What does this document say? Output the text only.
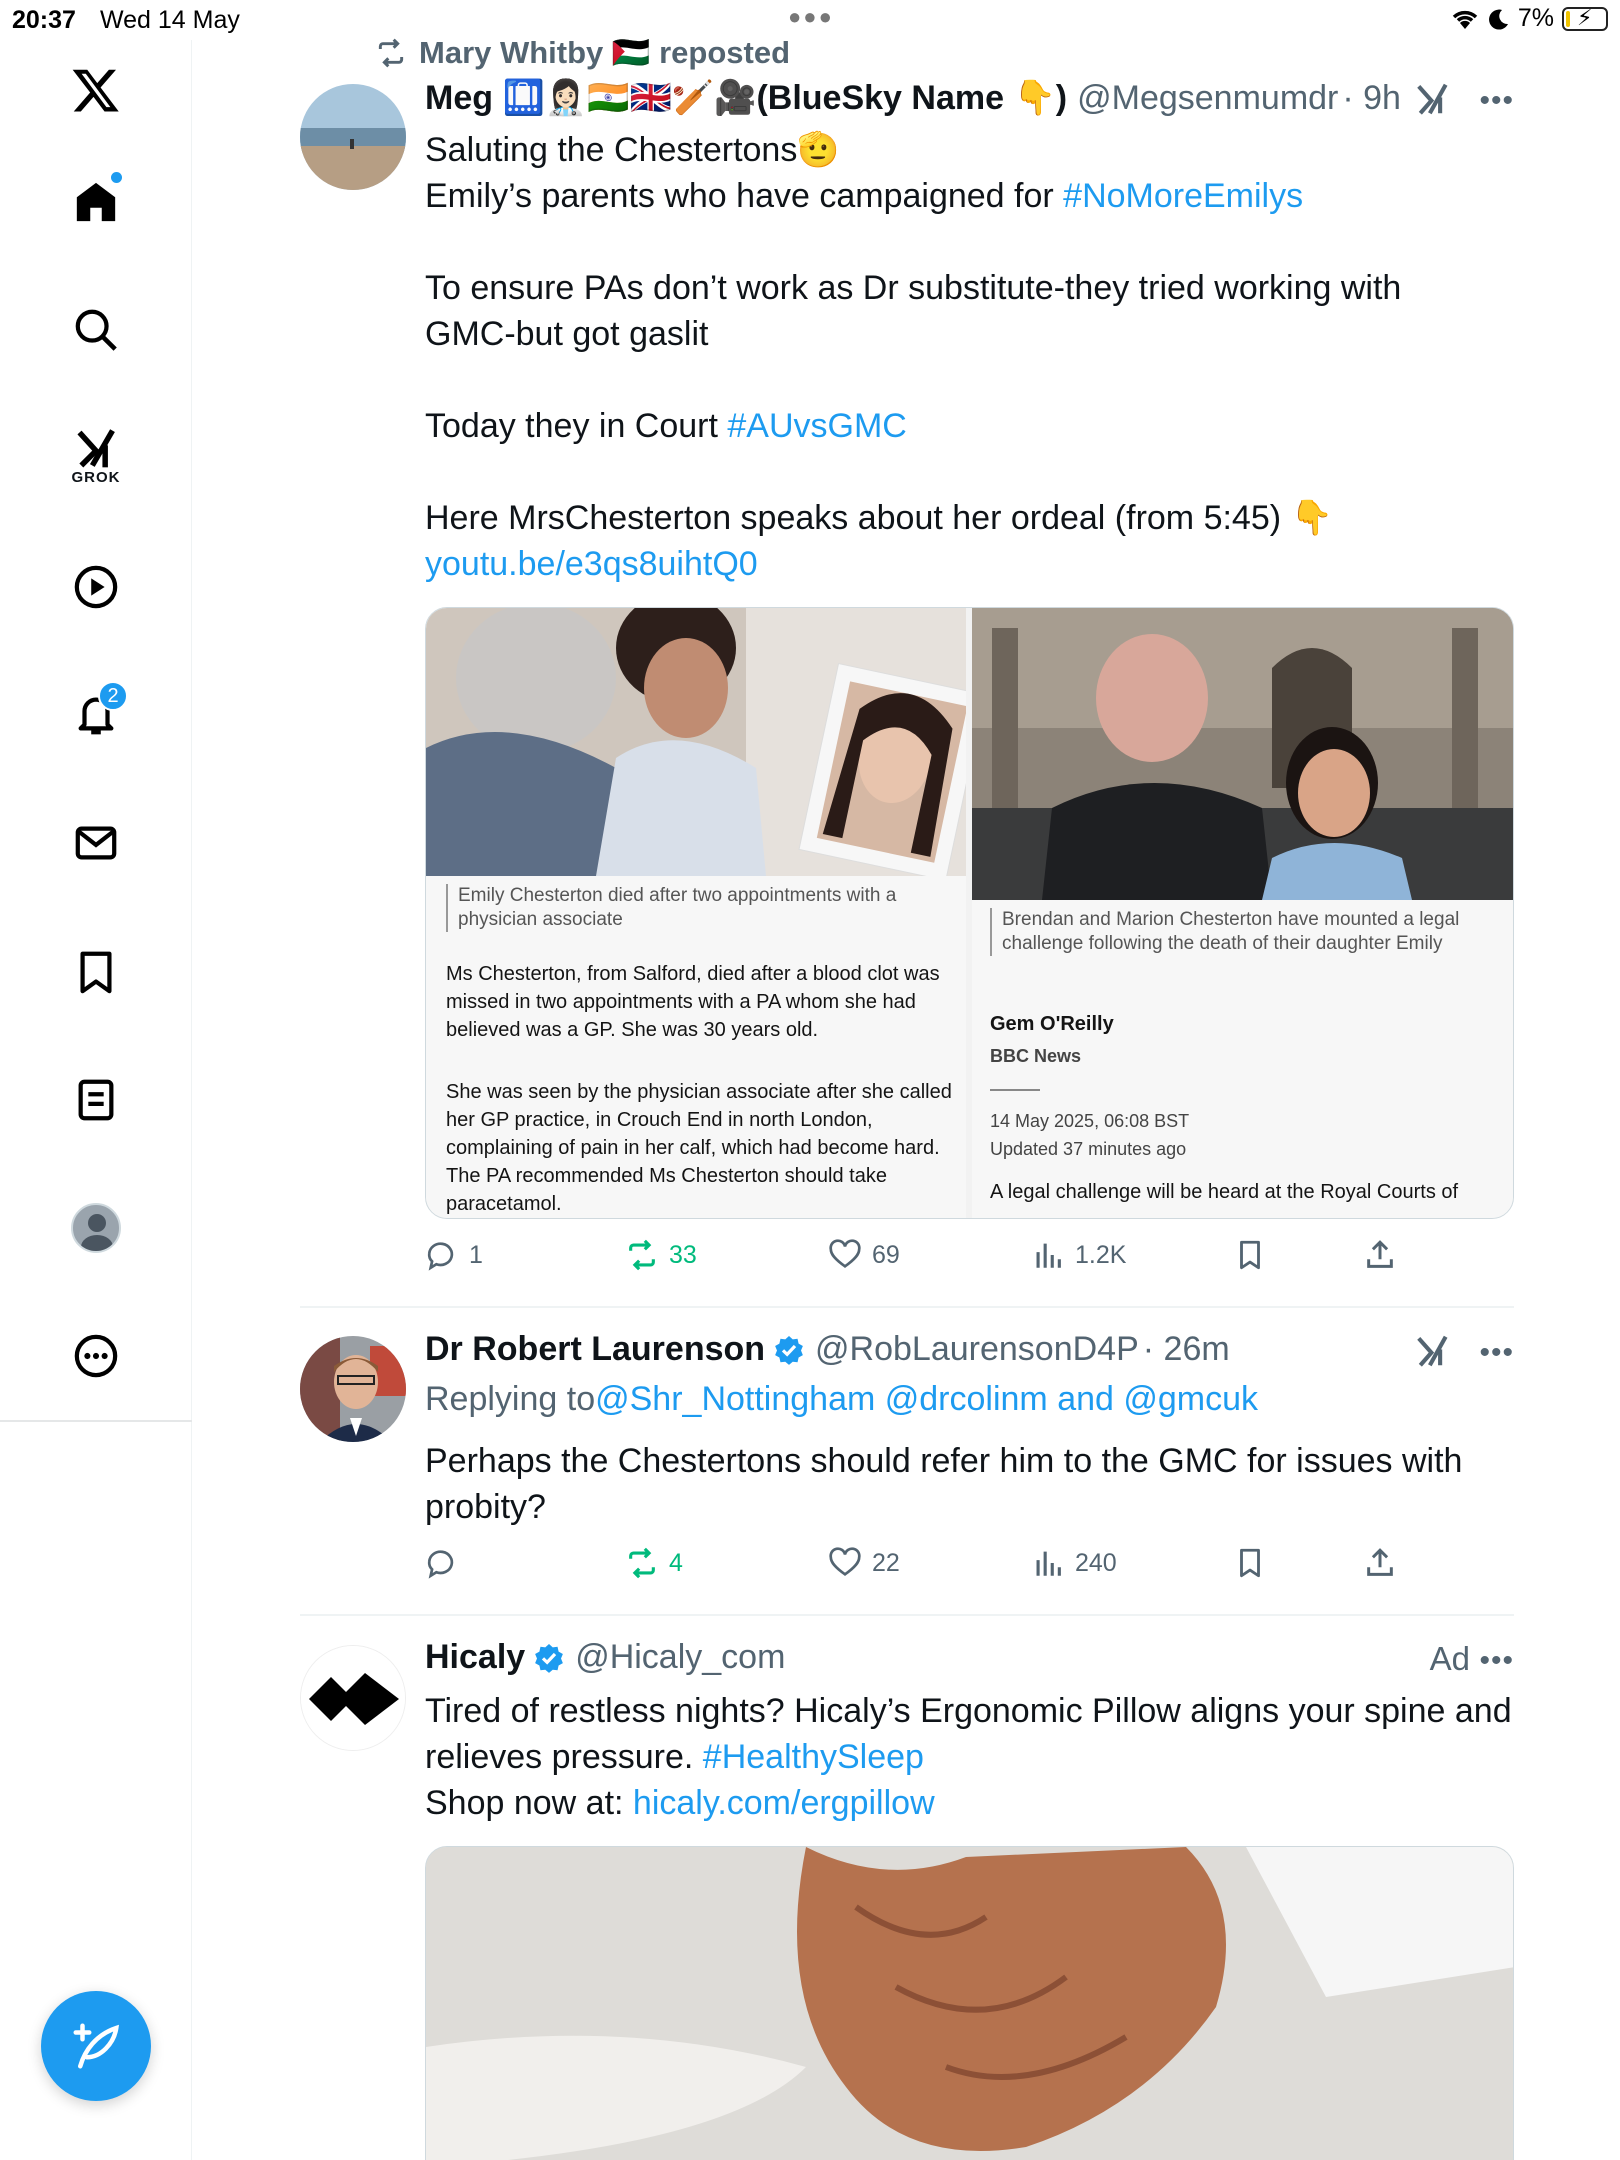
20:37 Wed 14 May	●●●	7% ⚡
GROK
2
Mary Whitby 🇵🇸 reposted
Meg 🛄👩🏻‍⚕️🇮🇳🇬🇧🏏🎥(BlueSky Name 👇) @Megsenmumdr · 9h	•••
Saluting the Chestertons🫡
Emily’s parents who have campaigned for #NoMoreEmilys
To ensure PAs don’t work as Dr substitute-they tried working with
GMC-but got gaslit
Today they in Court #AUvsGMC
Here MrsChesterton speaks about her ordeal (from 5:45) 👇
youtu.be/e3qs8uihtQ0
Emily Chesterton died after two appointments with a physician associate
Ms Chesterton, from Salford, died after a blood clot was missed in two appointments with a PA whom she had believed was a GP. She was 30 years old.
She was seen by the physician associate after she called her GP practice, in Crouch End in north London, complaining of pain in her calf, which had become hard. The PA recommended Ms Chesterton should take paracetamol.
Brendan and Marion Chesterton have mounted a legal challenge following the death of their daughter Emily
Gem O'Reilly
BBC News
14 May 2025, 06:08 BST
Updated 37 minutes ago
A legal challenge will be heard at the Royal Courts of
1	33	69	1.2K
Dr Robert Laurenson @RobLaurensonD4P · 26m	•••
Replying to @Shr_Nottingham @drcolinm and @gmcuk
Perhaps the Chestertons should refer him to the GMC for issues with
probity?
4	22	240
Hicaly @Hicaly_com	Ad •••
Tired of restless nights? Hicaly’s Ergonomic Pillow aligns your spine and
relieves pressure. #HealthySleep
Shop now at: hicaly.com/ergpillow
